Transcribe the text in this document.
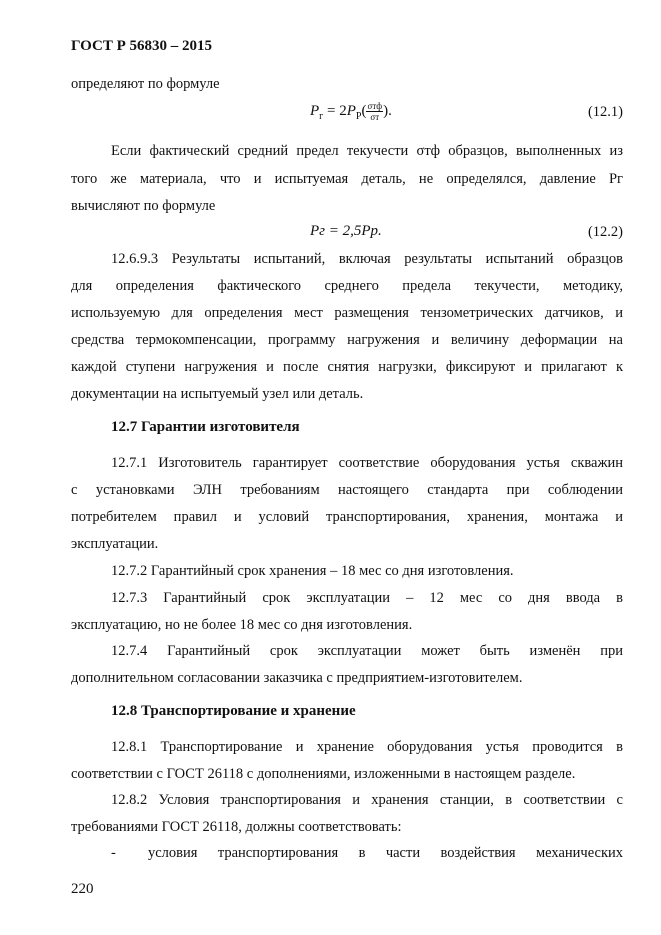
ГОСТ Р 56830 – 2015
определяют по формуле
$P_г = 2P_Р( \frac{\text{σтф}}{\sigma т}$ ).	(12.1)
Если фактический средний предел текучести σтф образцов, выполненных из
того же материала, что и испытуемая деталь, не определялся, давление Pг
вычисляют по формуле
Pг = 2,5Pр.	(12.2)
12.6.9.3 Результаты испытаний, включая результаты испытаний образцов
для определения фактического среднего предела текучести, методику,
используемую для определения мест размещения тензометрических датчиков, и
средства термокомпенсации, программу нагружения и величину деформации на
каждой ступени нагружения и после снятия нагрузки, фиксируют и прилагают к
документации на испытуемый узел или деталь.
12.7 Гарантии изготовителя
12.7.1 Изготовитель гарантирует соответствие оборудования устья скважин
с установками ЭЛН требованиям настоящего стандарта при соблюдении
потребителем правил и условий транспортирования, хранения, монтажа и
эксплуатации.
12.7.2 Гарантийный срок хранения – 18 мес со дня изготовления.
12.7.3 Гарантийный срок эксплуатации – 12 мес со дня ввода в
эксплуатацию, но не более 18 мес со дня изготовления.
12.7.4 Гарантийный срок эксплуатации может быть изменён при
дополнительном согласовании заказчика с предприятием-изготовителем.
12.8 Транспортирование и хранение
12.8.1 Транспортирование и хранение оборудования устья проводится в
соответствии с ГОСТ 26118 с дополнениями, изложенными в настоящем разделе.
12.8.2 Условия транспортирования и хранения станции, в соответствии с
требованиями ГОСТ 26118, должны соответствовать:
- условия транспортирования в части воздействия механических
220
